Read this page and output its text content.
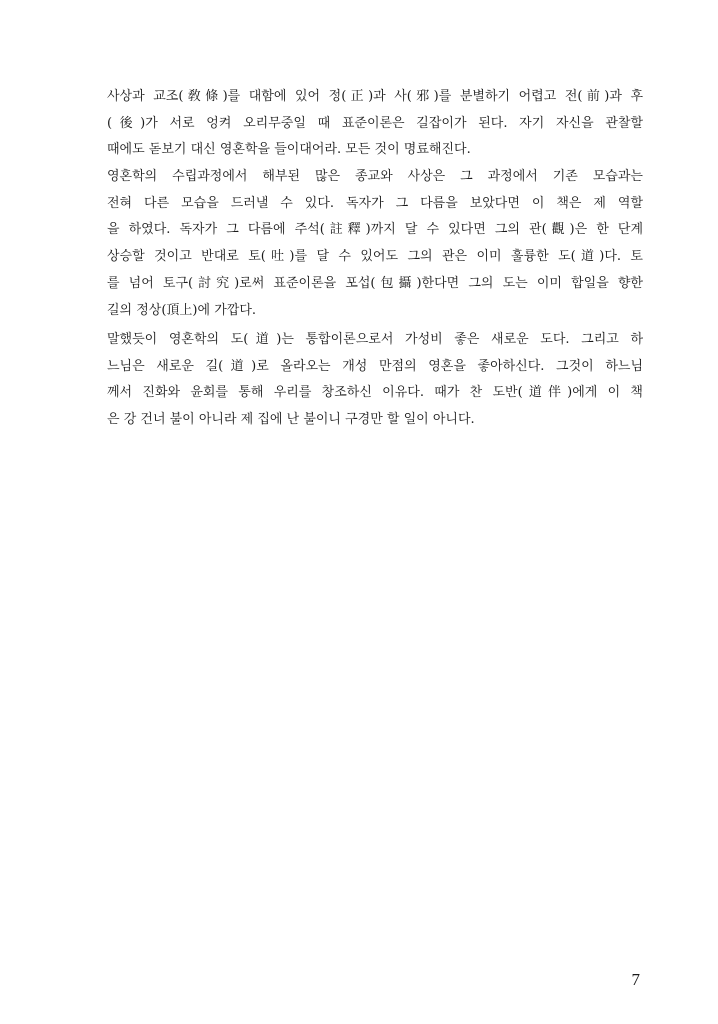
사상과 교조(敎條)를 대함에 있어 정(正)과 사(邪)를 분별하기 어렵고 전(前)과 후
(後)가 서로 엉켜 오리무중일 때 표준이론은 길잡이가 된다. 자기 자신을 관찰할
때에도 돋보기 대신 영혼학을 들이대어라. 모든 것이 명료해진다.
영혼학의 수립과정에서 해부된 많은 종교와 사상은 그 과정에서 기존 모습과는
전혀 다른 모습을 드러낼 수 있다. 독자가 그 다름을 보았다면 이 책은 제 역할
을 하였다. 독자가 그 다름에 주석(註釋)까지 달 수 있다면 그의 관(觀)은 한 단계
상승할 것이고 반대로 토(吐)를 달 수 있어도 그의 관은 이미 훌륭한 도(道)다. 토
를 넘어 토구(討究)로써 표준이론을 포섭(包攝)한다면 그의 도는 이미 합일을 향한
길의 정상(頂上)에 가깝다.
말했듯이 영혼학의 도(道)는 통합이론으로서 가성비 좋은 새로운 도다. 그리고 하
느님은 새로운 길(道)로 올라오는 개성 만점의 영혼을 좋아하신다. 그것이 하느님
께서 진화와 윤회를 통해 우리를 창조하신 이유다. 때가 찬 도반(道伴)에게 이 책
은 강 건너 불이 아니라 제 집에 난 불이니 구경만 할 일이 아니다.
7
